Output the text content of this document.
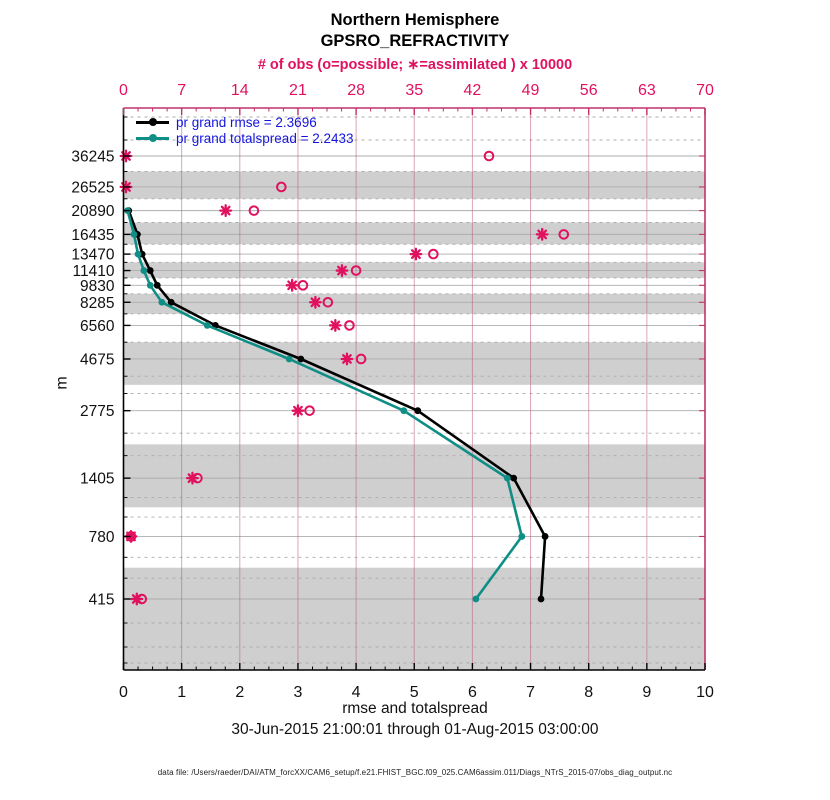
0	7	14	21	28	35	42	49	56	63	70
0	1	2	3	4	5	6	7	8	9	10
36245
26525
20890
16435
13470
11410
9830
8285
6560
4675
2775
1405
780
415
Northern Hemisphere
GPSRO_REFRACTIVITY
# of obs (o=possible; ∗=assimilated ) x 10000
m
rmse and totalspread
30-Jun-2015 21:00:01 through 01-Aug-2015 03:00:00
data file: /Users/raeder/DAI/ATM_forcXX/CAM6_setup/f.e21.FHIST_BGC.f09_025.CAM6assim.011/Diags_NTrS_2015-07/obs_diag_output.nc
pr grand rmse = 2.3696
pr grand totalspread = 2.2433
